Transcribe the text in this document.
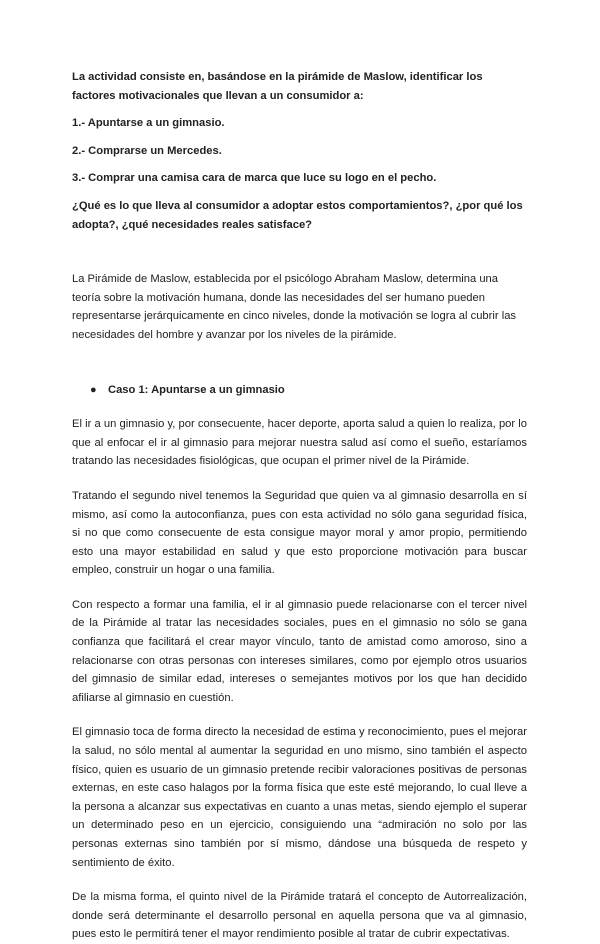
La actividad consiste en, basándose en la pirámide de Maslow, identificar los factores motivacionales que llevan a un consumidor a:

1.- Apuntarse a un gimnasio.

2.- Comprarse un Mercedes.

3.- Comprar una camisa cara de marca que luce su logo en el pecho.

¿Qué es lo que lleva al consumidor a adoptar estos comportamientos?, ¿por qué los adopta?, ¿qué necesidades reales satisface?

La Pirámide de Maslow, establecida por el psicólogo Abraham Maslow, determina una teoría sobre la motivación humana, donde las necesidades del ser humano pueden representarse jerárquicamente en cinco niveles, donde la motivación se logra al cubrir las necesidades del hombre y avanzar por los niveles de la pirámide.

●	Caso 1: Apuntarse a un gimnasio

El ir a un gimnasio y, por consecuente, hacer deporte, aporta salud a quien lo realiza, por lo que al enfocar el ir al gimnasio para mejorar nuestra salud así como el sueño, estaríamos tratando las necesidades fisiológicas, que ocupan el primer nivel de la Pirámide.

Tratando el segundo nivel tenemos la Seguridad que quien va al gimnasio desarrolla en sí mismo, así como la autoconfianza, pues con esta actividad no sólo gana seguridad física, si no que como consecuente de esta consigue mayor moral y amor propio, permitiendo esto una mayor estabilidad en salud y que esto proporcione motivación para buscar empleo, construir un hogar o una familia.

Con respecto a formar una familia, el ir al gimnasio puede relacionarse con el tercer nivel de la Pirámide al tratar las necesidades sociales, pues en el gimnasio no sólo se gana confianza que facilitará el crear mayor vínculo, tanto de amistad como amoroso, sino a relacionarse con otras personas con intereses similares, como por ejemplo otros usuarios del gimnasio de similar edad, intereses o semejantes motivos por los que han decidido afiliarse al gimnasio en cuestión.

El gimnasio toca de forma directo la necesidad de estima y reconocimiento, pues el mejorar la salud, no sólo mental al aumentar la seguridad en uno mismo, sino también el aspecto físico, quien es usuario de un gimnasio pretende recibir valoraciones positivas de personas externas, en este caso halagos por la forma física que este esté mejorando, lo cual lleve a la persona a alcanzar sus expectativas en cuanto a unas metas, siendo ejemplo el superar un determinado peso en un ejercicio, consiguiendo una “admiración no solo por las personas externas sino también por sí mismo, dándose una búsqueda de respeto y sentimiento de éxito.

De la misma forma, el quinto nivel de la Pirámide tratará el concepto de Autorrealización, donde será determinante el desarrollo personal en aquella persona que va al gimnasio, pues esto le permitirá tener el mayor rendimiento posible al tratar de cubrir expectativas.
